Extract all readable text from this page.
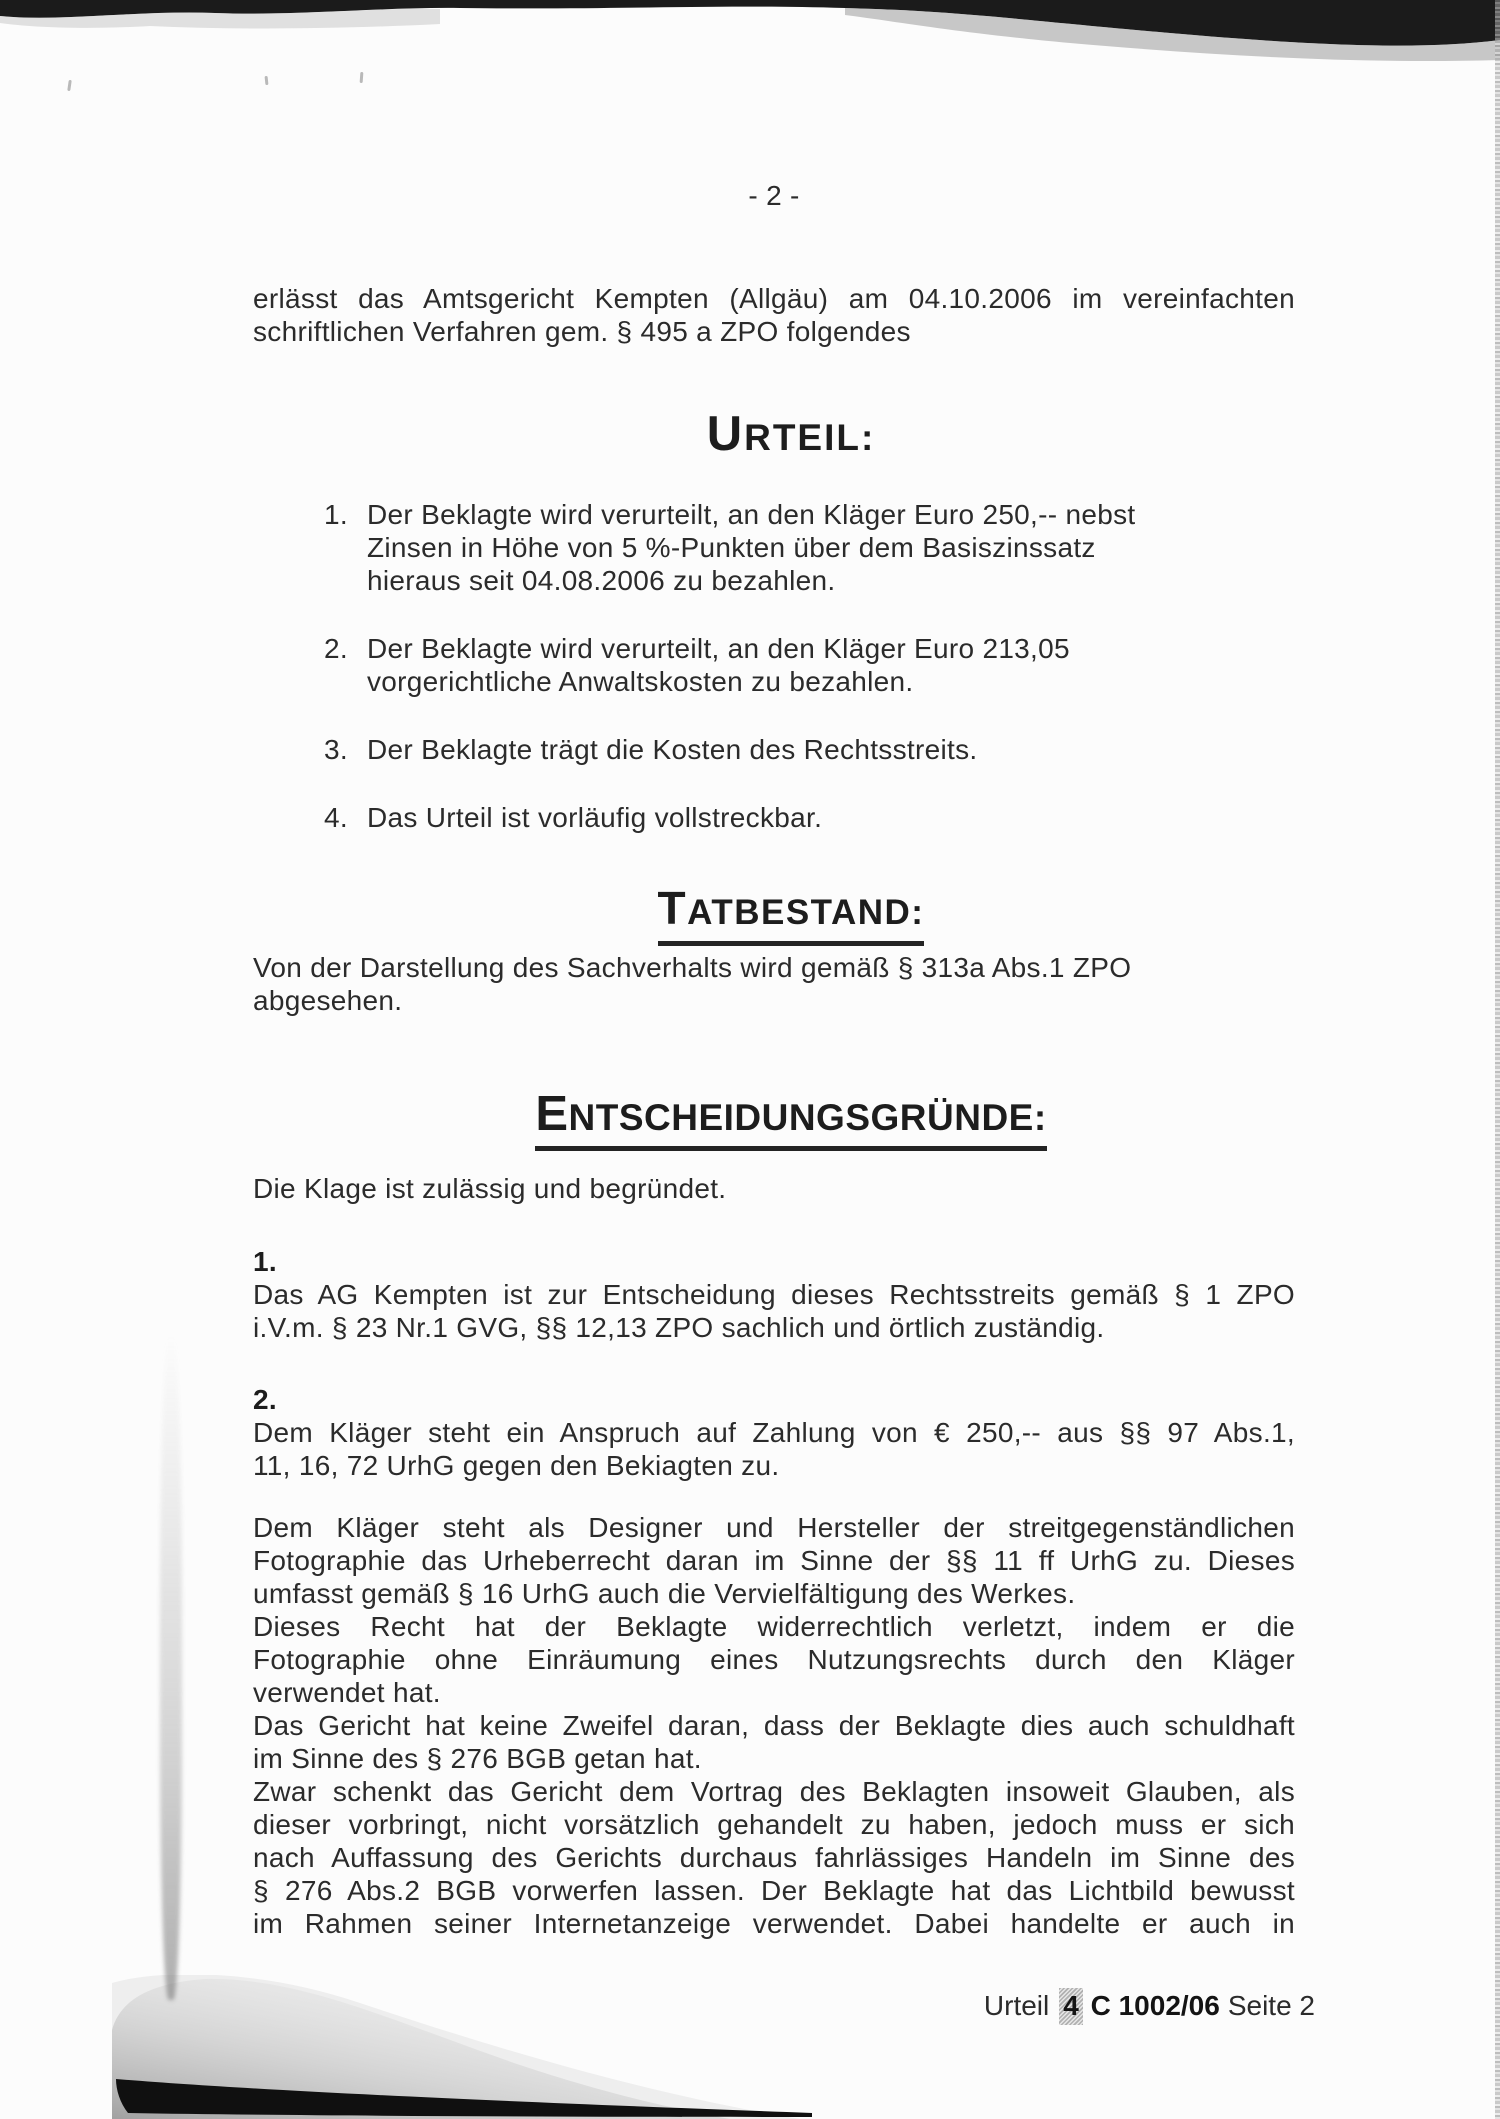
- 2 -
erlässt das Amtsgericht Kempten (Allgäu) am 04.10.2006 im vereinfachten
schriftlichen Verfahren gem. § 495 a ZPO folgendes
URTEIL:
1. Der Beklagte wird verurteilt, an den Kläger Euro 250,-- nebst
Zinsen in Höhe von 5 %-Punkten über dem Basiszinssatz
hieraus seit 04.08.2006 zu bezahlen.
2. Der Beklagte wird verurteilt, an den Kläger Euro 213,05
vorgerichtliche Anwaltskosten zu bezahlen.
3. Der Beklagte trägt die Kosten des Rechtsstreits.
4. Das Urteil ist vorläufig vollstreckbar.
TATBESTAND:
Von der Darstellung des Sachverhalts wird gemäß § 313a Abs.1 ZPO
abgesehen.
ENTSCHEIDUNGSGRÜNDE:
Die Klage ist zulässig und begründet.
1.
Das AG Kempten ist zur Entscheidung dieses Rechtsstreits gemäß § 1 ZPO
i.V.m. § 23 Nr.1 GVG, §§ 12,13 ZPO sachlich und örtlich zuständig.
2.
Dem Kläger steht ein Anspruch auf Zahlung von € 250,-- aus §§ 97 Abs.1,
11, 16, 72 UrhG gegen den Bekiagten zu.
Dem Kläger steht als Designer und Hersteller der streitgegenständlichen
Fotographie das Urheberrecht daran im Sinne der §§ 11 ff UrhG zu. Dieses
umfasst gemäß § 16 UrhG auch die Vervielfältigung des Werkes.
Dieses Recht hat der Beklagte widerrechtlich verletzt, indem er die
Fotographie ohne Einräumung eines Nutzungsrechts durch den Kläger
verwendet hat.
Das Gericht hat keine Zweifel daran, dass der Beklagte dies auch schuldhaft
im Sinne des § 276 BGB getan hat.
Zwar schenkt das Gericht dem Vortrag des Beklagten insoweit Glauben, als
dieser vorbringt, nicht vorsätzlich gehandelt zu haben, jedoch muss er sich
nach Auffassung des Gerichts durchaus fahrlässiges Handeln im Sinne des
§ 276 Abs.2 BGB vorwerfen lassen. Der Beklagte hat das Lichtbild bewusst
im Rahmen seiner Internetanzeige verwendet. Dabei handelte er auch in
Urteil 4 C 1002/06 Seite 2
